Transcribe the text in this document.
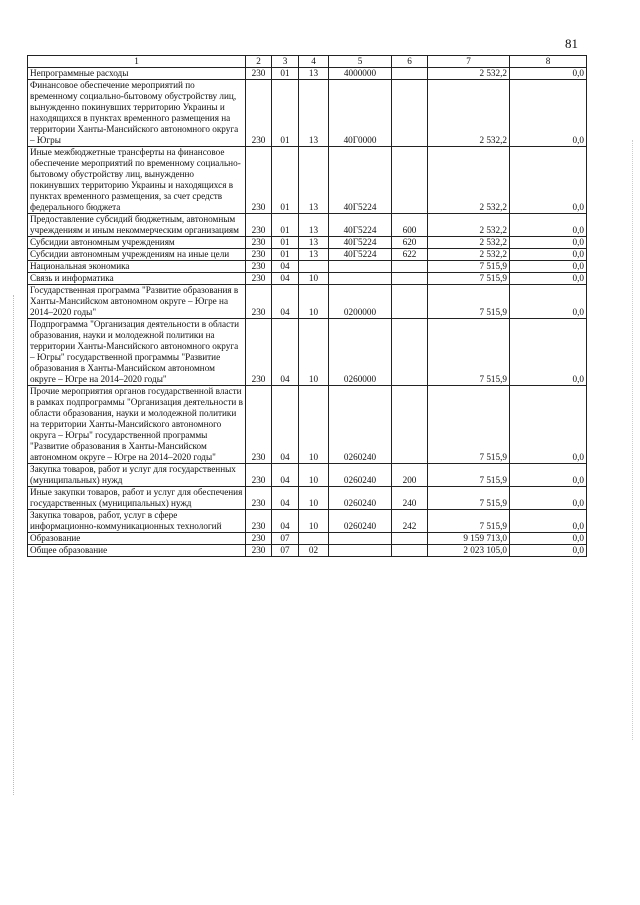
81
1	2	3	4	5	6	7	8
Непрограммные расходы	230	01	13	4000000		2 532,2	0,0
Финансовое обеспечение мероприятий по временному социально-бытовому обустройству лиц, вынужденно покинувших территорию Украины и находящихся в пунктах временного размещения на территории Ханты-Мансийского автономного округа – Югры	230	01	13	40Г0000		2 532,2	0,0
Иные межбюджетные трансферты на финансовое обеспечение мероприятий по временному социально-бытовому обустройству лиц, вынужденно покинувших территорию Украины и находящихся в пунктах временного размещения, за счет средств федерального бюджета	230	01	13	40Г5224		2 532,2	0,0
Предоставление субсидий бюджетным, автономным учреждениям и иным некоммерческим организациям	230	01	13	40Г5224	600	2 532,2	0,0
Субсидии автономным учреждениям	230	01	13	40Г5224	620	2 532,2	0,0
Субсидии автономным учреждениям на иные цели	230	01	13	40Г5224	622	2 532,2	0,0
Национальная экономика	230	04				7 515,9	0,0
Связь и информатика	230	04	10			7 515,9	0,0
Государственная программа "Развитие образования в Ханты-Мансийском автономном округе – Югре на 2014–2020 годы"	230	04	10	0200000		7 515,9	0,0
Подпрограмма "Организация деятельности в области образования, науки и молодежной политики на территории Ханты-Мансийского автономного округа – Югры" государственной программы "Развитие образования в Ханты-Мансийском автономном округе – Югре на 2014–2020 годы"	230	04	10	0260000		7 515,9	0,0
Прочие мероприятия органов государственной власти в рамках подпрограммы "Организация деятельности в области образования, науки и молодежной политики на территории Ханты-Мансийского автономного округа – Югры" государственной программы "Развитие образования в Ханты-Мансийском автономном округе – Югре на 2014–2020 годы"	230	04	10	0260240		7 515,9	0,0
Закупка товаров, работ и услуг для государственных (муниципальных) нужд	230	04	10	0260240	200	7 515,9	0,0
Иные закупки товаров, работ и услуг для обеспечения государственных (муниципальных) нужд	230	04	10	0260240	240	7 515,9	0,0
Закупка товаров, работ, услуг в сфере информационно-коммуникационных технологий	230	04	10	0260240	242	7 515,9	0,0
Образование	230	07				9 159 713,0	0,0
Общее образование	230	07	02			2 023 105,0	0,0
